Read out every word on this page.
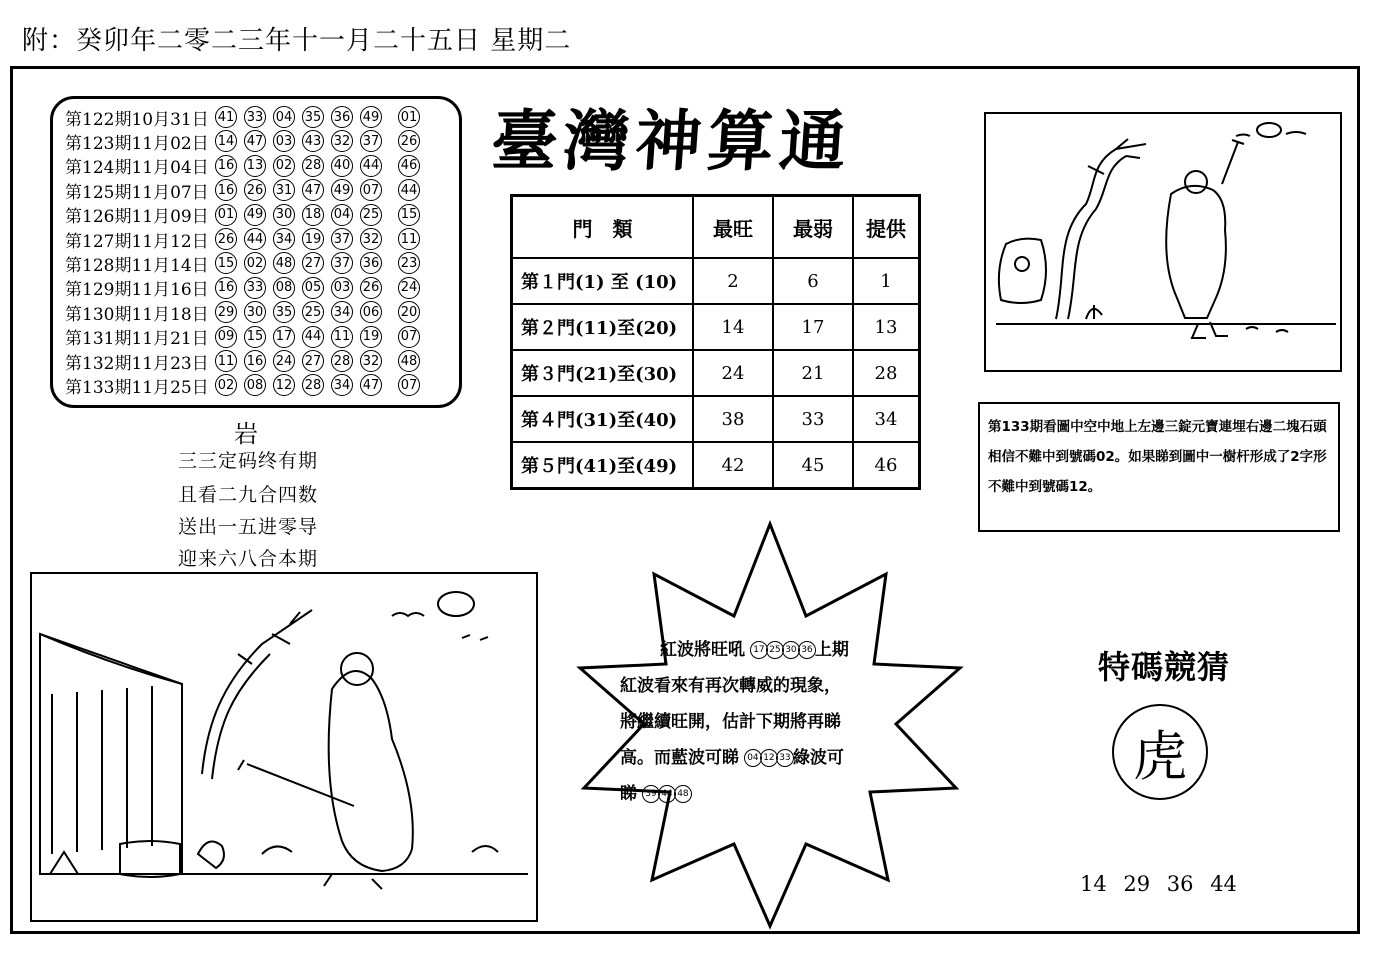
附：癸卯年二零二三年十一月二十五日 星期二
第122期10月31日 41 33 04 35 36 49 01
第123期11月02日 14 47 03 43 32 37 26
第124期11月04日 16 13 02 28 40 44 46
第125期11月07日 16 26 31 47 49 07 44
第126期11月09日 01 49 30 18 04 25 15
第127期11月12日 26 44 34 19 37 32 11
第128期11月14日 15 02 48 27 37 36 23
第129期11月16日 16 33 08 05 03 26 24
第130期11月18日 29 30 35 25 34 06 20
第131期11月21日 09 15 17 44 11 19 07
第132期11月23日 11 16 24 27 28 32 48
第133期11月25日 02 08 12 28 34 47 07
臺灣神算通
門　類	最旺	最弱	提供
第１門(1) 至 (10)	2	6	1
第２門(11)至(20)	14	17	13
第３門(21)至(30)	24	21	28
第４門(31)至(40)	38	33	34
第５門(41)至(49)	42	45	46
第133期看圖中空中地上左邊三錠元寶連埋右邊二塊石頭相信不難中到號碼02。如果睇到圖中一樹杆形成了2字形不難中到號碼12。
岩
三三定码终有期
且看二九合四数
送出一五进零导
迎来六八合本期
紅波將旺吼 17 25 30 36 上期
紅波看來有再次轉威的現象，
將繼續旺開，估計下期將再睇
高。而藍波可睇 04 12 33 綠波可
睇 39 44 48
特碼競猜
虎
14 29 36 44
